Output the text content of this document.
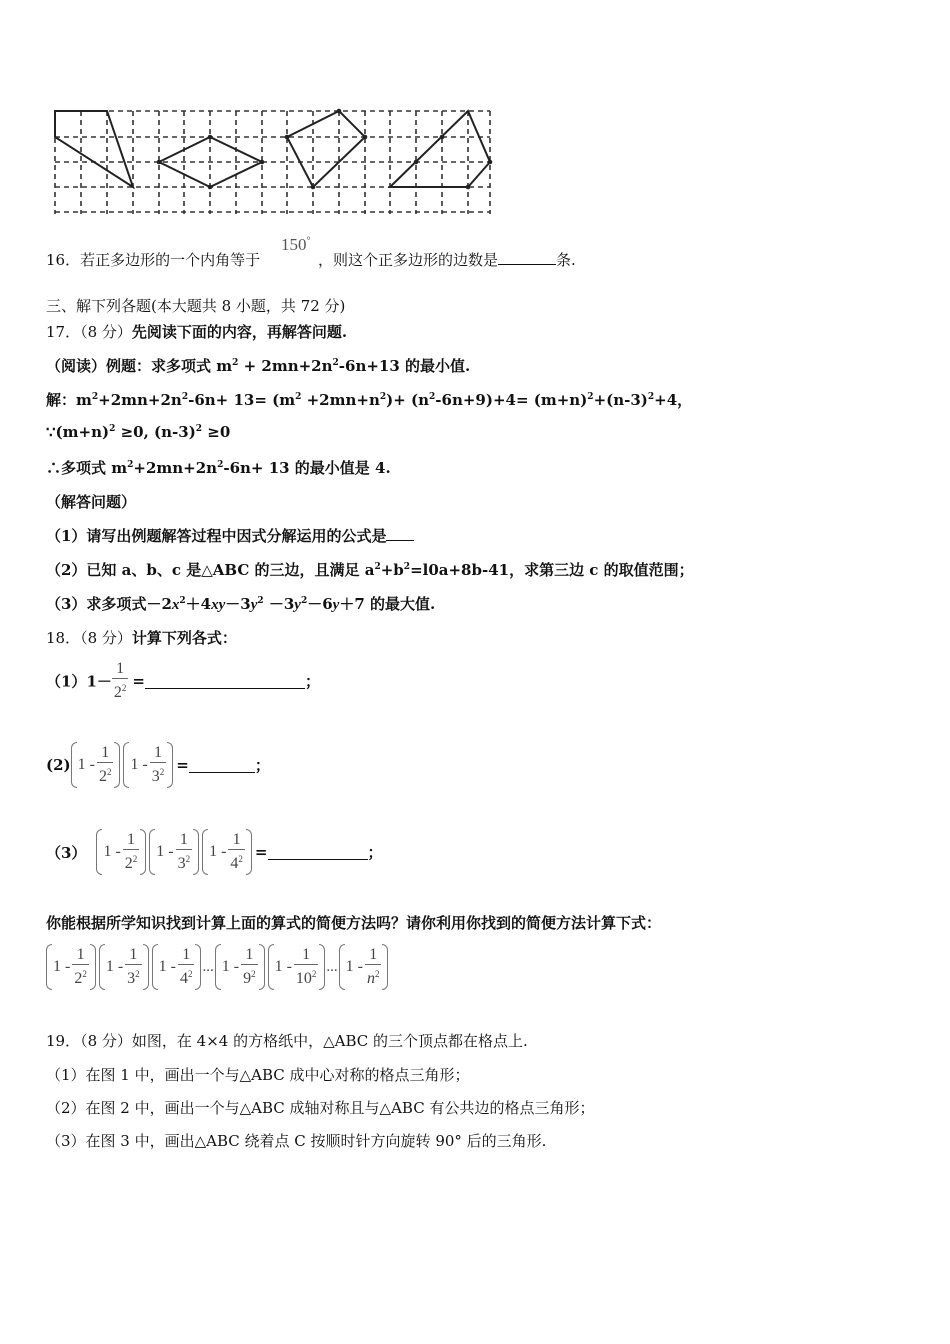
16．若正多边形的一个内角等于
150°
，则这个正多边形的边数是	条.
三、解下列各题(本大题共 8 小题，共 72 分)
17．（8 分）先阅读下面的内容，再解答问题.
（阅读）例题：求多项式 $m^2 + 2mn+2n^2-6n+13$ 的最小值.
解：$m^2+2mn+2n^2-6n+ 13= (m^2 +2mn+n^2)+ (n^2-6n+9)+4= (m+n)^2+(n-3)^2+4$，
$\because(m+n)^2 \ge 0$, $(n-3)^2 \ge 0$
∴多项式 $m^2+2mn+2n^2-6n+ 13$ 的最小值是 4.
（解答问题）
（1）请写出例题解答过程中因式分解运用的公式是
（2）已知 a、b、c 是△ABC 的三边，且满足 $a^2+b^2=l0a+8b-41$，求第三边 c 的取值范围；
（3）求多项式$-2x^2+4xy-3y^2 -3y^2-6y+7$ 的最大值.
18．（8 分）计算下列各式：
$(1)1- \frac{1}{2^2}$ =	；
(2) $1 - \frac{1}{2^2} 1 - \frac{1}{3^2}$ =	；
（3） $1 - \frac{1}{2^2} 1 - \frac{1}{3^2} 1 - \frac{1}{4^2}$ =	；
你能根据所学知识找到计算上面的算式的简便方法吗？请你利用你找到的简便方法计算下式：
$1 - \frac{1}{2^2} 1 - \frac{1}{3^2} 1 - \frac{1}{4^2}$ ... $1 - \frac{1}{9^2} 1 - \frac{1}{10^2}$ ... $1 - \frac{1}{n^2}$
19．（8 分）如图，在 4×4 的方格纸中，△ABC 的三个顶点都在格点上.
（1）在图 1 中，画出一个与△ABC 成中心对称的格点三角形；
（2）在图 2 中，画出一个与△ABC 成轴对称且与△ABC 有公共边的格点三角形；
（3）在图 3 中，画出△ABC 绕着点 C 按顺时针方向旋转 90° 后的三角形.
